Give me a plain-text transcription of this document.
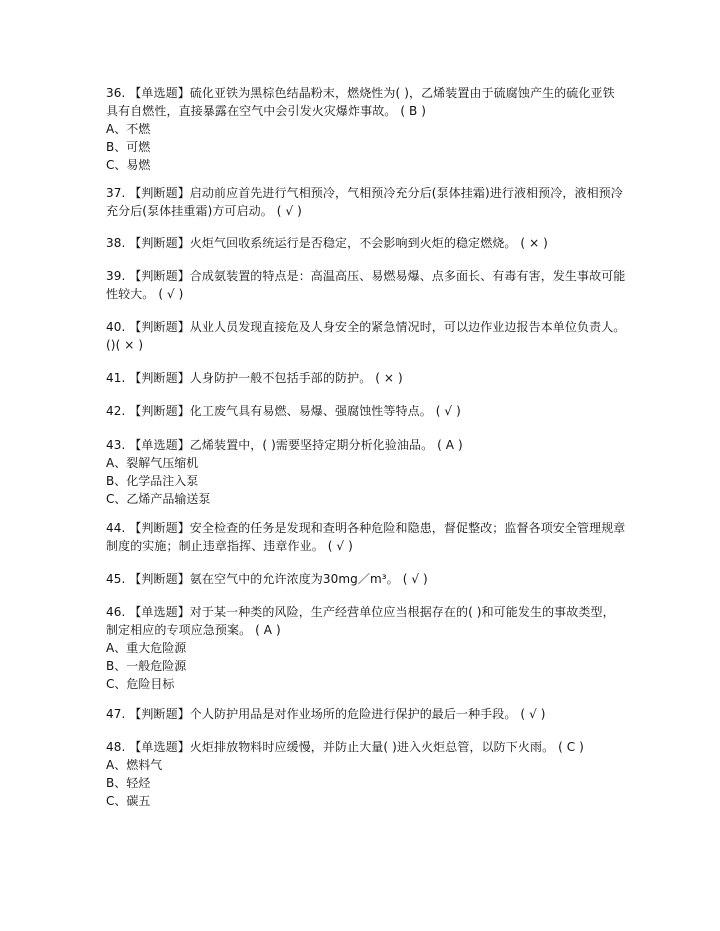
36. 【单选题】硫化亚铁为黑棕色结晶粉末，燃烧性为( )，乙烯装置由于硫腐蚀产生的硫化亚铁具有自燃性，直接暴露在空气中会引发火灾爆炸事故。 ( B )

A、不燃
B、可燃
C、易燃

37. 【判断题】启动前应首先进行气相预冷，气相预冷充分后(泵体挂霜)进行液相预冷，液相预冷充分后(泵体挂重霜)方可启动。 ( √ )

38. 【判断题】火炬气回收系统运行是否稳定，不会影响到火炬的稳定燃烧。 ( × )

39. 【判断题】合成氨装置的特点是：高温高压、易燃易爆、点多面长、有毒有害，发生事故可能性较大。 ( √ )

40. 【判断题】从业人员发现直接危及人身安全的紧急情况时，可以边作业边报告本单位负责人。()( × )

41. 【判断题】人身防护一般不包括手部的防护。 ( × )

42. 【判断题】化工废气具有易燃、易爆、强腐蚀性等特点。 ( √ )

43. 【单选题】乙烯装置中，( )需要坚持定期分析化验油品。 ( A )

A、裂解气压缩机
B、化学品注入泵
C、乙烯产品输送泵

44. 【判断题】安全检查的任务是发现和查明各种危险和隐患，督促整改；监督各项安全管理规章制度的实施；制止违章指挥、违章作业。 ( √ )

45. 【判断题】氨在空气中的允许浓度为30mg／m³。 ( √ )

46. 【单选题】对于某一种类的风险，生产经营单位应当根据存在的( )和可能发生的事故类型，制定相应的专项应急预案。 ( A )

A、重大危险源
B、一般危险源
C、危险目标

47. 【判断题】个人防护用品是对作业场所的危险进行保护的最后一种手段。 ( √ )

48. 【单选题】火炬排放物料时应缓慢，并防止大量( )进入火炬总管，以防下火雨。 ( C )

A、燃料气
B、轻烃
C、碳五
